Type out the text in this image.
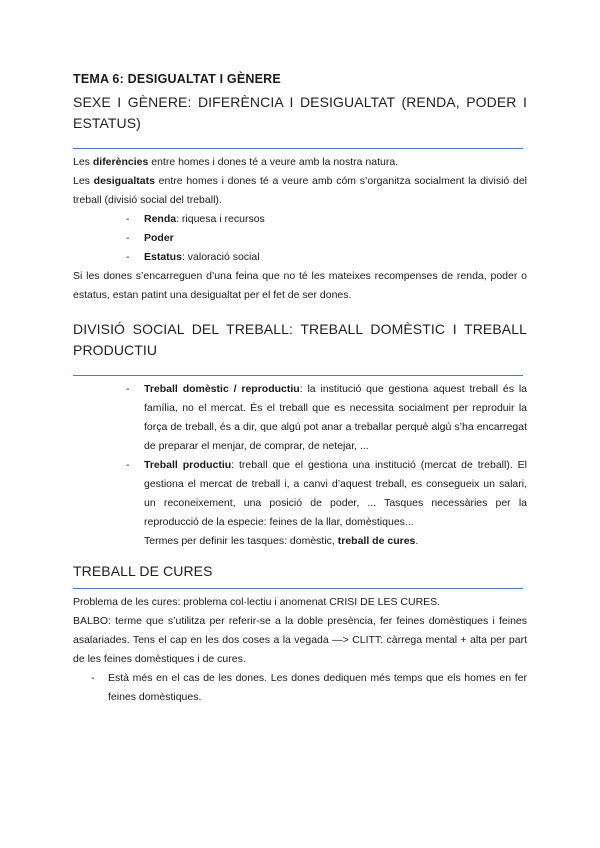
TEMA 6: DESIGUALTAT I GÈNERE
SEXE I GÈNERE: DIFERÈNCIA I DESIGUALTAT (RENDA, PODER I ESTATUS)

Les diferències entre homes i dones té a veure amb la nostra natura.

Les desigualtats entre homes i dones té a veure amb cóm s’organitza socialment la divisió del treball (divisió social del treball).

- Renda: riquesa i recursos
- Poder
- Estatus: valoració social

Si les dones s’encarreguen d’una feina que no té les mateixes recompenses de renda, poder o estatus, estan patint una desigualtat per el fet de ser dones.

DIVISIÓ SOCIAL DEL TREBALL: TREBALL DOMÈSTIC I TREBALL PRODUCTIU
- Treball domèstic / reproductiu: la institució que gestiona aquest treball és la família, no el mercat. És el treball que es necessita socialment per reproduir la força de treball, és a dir, que algú pot anar a treballar perquè algú s’ha encarregat de preparar el menjar, de comprar, de netejar, ...
- Treball productiu: treball que el gestiona una institució (mercat de treball). El gestiona el mercat de treball i, a canvi d’aquest treball, es consegueix un salari, un reconeixement, una posició de poder, ... Tasques necessàries per la reproducció de la especie: feines de la llar, domèstiques...
Termes per definir les tasques: domèstic, treball de cures.
TREBALL DE CURES

Problema de les cures: problema col·lectiu i anomenat CRISI DE LES CURES.

BALBO: terme que s’utilitza per referir-se a la doble presència, fer feines domèstiques i feines asalariades. Tens el cap en les dos coses a la vegada —> CLITT: càrrega mental + alta per part de les feines domèstiques i de cures.

- Està més en el cas de les dones. Les dones dediquen més temps que els homes en fer feines domèstiques.
